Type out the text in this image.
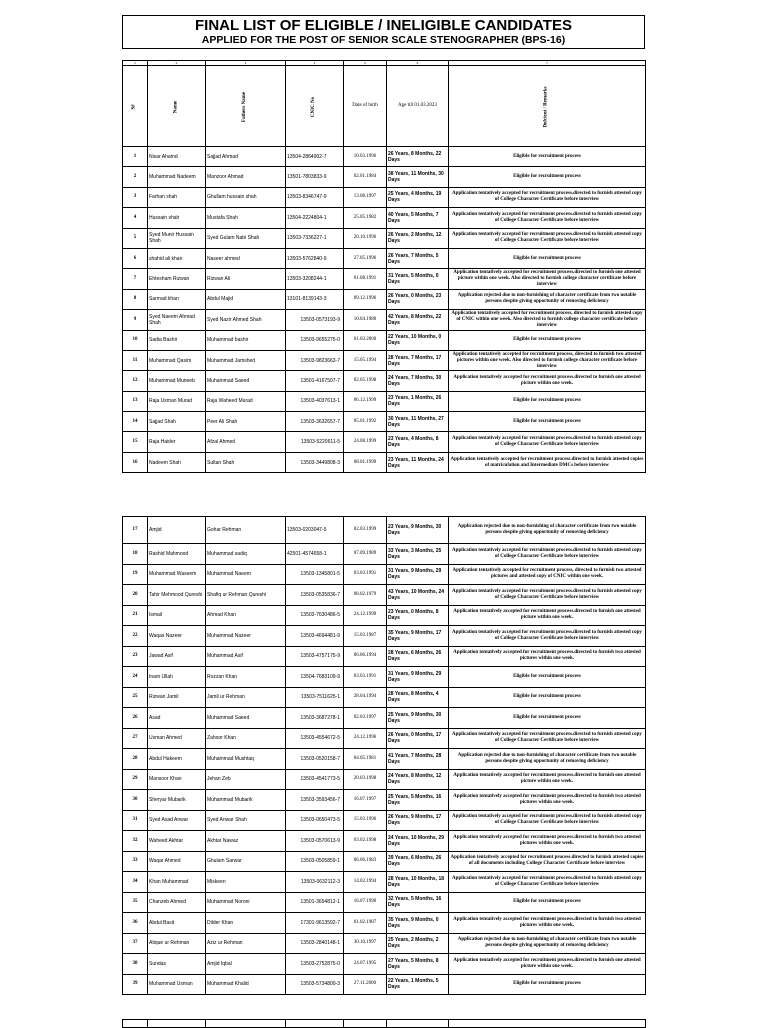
FINAL LIST OF ELIGIBLE / INELIGIBLE CANDIDATES
APPLIED FOR THE POST OF SENIOR SCALE STENOGRAPHER (BPS-16)
1	2	3	4	5	6	7
S#	Name	Fathers Name	CNIC No	Date of birth	Age till 01.03.2023	Defcient / Remarks
1	Nisar Ahamd	Sajjad Ahmad	13504-2864902-7	10.03.1996	26 Years, 8 Months, 22 Days	Eligible for recruitment process
2	Muhammad Nadeem	Manzoor Ahmad	13501-7803833-9	02.01.1984	38 Years, 11 Months, 30 Days	Eligible for recruitment process
3	Farhan shah	Ghullam hussain shah	13503-8346747-9	13.08.1997	25 Years, 4 Months, 19 Days	Application tentatively accepted for recruitment process.directed to furnish attested copy of College Character Certificate before interview
4	Hussain shah	Mustafa Shah	13504-2224804-1	25.05.1982	40 Years, 5 Months, 7 Days	Application tentatively accepted for recruitment process.directed to furnish attested copy of College Character Certificate before interview
5	Syed Munir Hussain Shah	Syed Gulam Nabi Shah	13503-7336227-1	20.10.1996	26 Years, 2 Months, 12 Days	Application tentatively accepted for recruitment process.directed to furnish attested copy of College Character Certificate before interview
6	shahid ali khan	Naseer ahmed	13503-5762840-9	27.05.1996	26 Years, 7 Months, 5 Days	Eligible for recruitment process
7	Ehtesham Rizwan	Rizwan Ali	13503-3208244-1	01.08.1991	31 Years, 5 Months, 0 Days	Application tentatively accepted for recruitment process.directed to furnish one attested picture within one week. Also directed to furnish college character certificate before interview
8	Sarmad khan	Abdul Majid	13101-8139143-3	09.12.1996	26 Years, 0 Months, 23 Days	Application rejected due to non-furnishing of character certificate from two notable persons despite giving opportunity of removing deficiency
9	Syed Naeem Ahmad Shah	Syed Nazir Ahmed Shah	13503-0573193-9	10.04.1980	42 Years, 8 Months, 22 Days	Application tentatively accepted for recruitment process, directed to furnish attested copy of CNIC within one week. Also directed to furnish college character certificate before interview
10	Sadia Bashir	Muhammad bashir	13503-9655275-0	01.03.2000	22 Years, 10 Months, 0 Days	Eligible for recruitment process
11	Muhammad Qasim	Muhammad Jamshed	13503-9823663-7	15.05.1994	28 Years, 7 Months, 17 Days	Application tentatively accepted for recruitment process, directed to furnish two attested pictures within one week. Also directed to furnish college character certificate before interview
12	Muhammad Muneeb	Muhammad Saeed	13501-4167507-7	02.05.1998	24 Years, 7 Months, 30 Days	Application tentatively accepted for recruitment process.directed to furnish one attested picture within one week.
13	Raja Usman Murad	Raja Waheed Murad	13503-4037613-1	06.12.1999	23 Years, 1 Months, 26 Days	Eligible for recruitment process
14	Sajjad Shah	Peer Ali Shah	13503-3632657-7	05.01.1992	30 Years, 11 Months, 27 Days	Eligible for recruitment process
15	Raja Haider	Afzal Ahmed	13503-5220611-5	24.08.1999	23 Years, 4 Months, 8 Days	Application tentatively accepted for recruitment process.directed to furnish attested copy of College Character Certificate before interview
16	Nadeem Shah	Sultan Shah	13503-3449808-3	08.01.1999	23 Years, 11 Months, 24 Days	Application tentatively accepted for recruitment process.directed to furnish attested copies of matriculation and Intermediate DMCs before interview
17	Amjid	Gohar Rehman	13503-0203047-5	02.03.1999	23 Years, 9 Months, 30 Days	Application rejected due to non-furnishing of character certificate from two notable persons despite giving opportunity of removing deficiency
18	Rashid Mahmood	Muhammad sadiq	42501-4574658-1	07.09.1989	33 Years, 3 Months, 25 Days	Application tentatively accepted for recruitment process.directed to furnish attested copy of College Character Certificate before interview
19	Muhammad Waseem	Muhammad Naeem	13503-1345801-5	03.03.1991	31 Years, 9 Months, 29 Days	Application tentatively accepted for recruitment process, directed to furnish two attested pictures and attested copy of CNIC within one week.
20	Tahir Mehmood Qureshi	Shafiq ur Rehman Qureshi	13503-0535836-7	08.02.1979	43 Years, 10 Months, 24 Days	Application tentatively accepted for recruitment process.directed to furnish attested copy of College Character Certificate before interview
21	Ismail	Ahmad Khan	13503-7630486-5	24.12.1999	23 Years, 0 Months, 8 Days	Application tentatively accepted for recruitment process.directed to furnish one attested picture within one week.
22	Waqas Nazeer	Muhammad Nazeer	13503-4694481-9	15.03.1987	35 Years, 9 Months, 17 Days	Application tentatively accepted for recruitment process.directed to furnish attested copy of College Character Certificate before interview
23	Jawad Asif	Muhammad Asif	13503-4757175-9	06.06.1994	28 Years, 6 Months, 26 Days	Application tentatively accepted for recruitment process.directed to furnish two attested pictures within one week.
24	Inam Ullah	Rozzan Khan	13504-7683109-9	03.03.1991	31 Years, 9 Months, 29 Days	Eligible for recruitment process
25	Rizwan Jamil	Jamil ur Rehman	13503-7511625-1	28.04.1994	28 Years, 8 Months, 4 Days	Eligible for recruitment process
26	Asad	Muhammad Saeed	13503-3687278-1	02.03.1997	25 Years, 9 Months, 30 Days	Eligible for recruitment process
27	Usman Ahmed	Zahoor Khan	13503-4554672-5	24.12.1996	26 Years, 0 Months, 17 Days	Application tentatively accepted for recruitment process.directed to furnish attested copy of College Character Certificate before interview
28	Abdul Hakeem	Muhammad Mushtaq	13503-0520158-7	04.05.1981	41 Years, 7 Months, 28 Days	Application rejected due to non-furnishing of character certificate from two notable persons despite giving opportunity of removing deficiency
29	Mansoor Khan	Jehan Zeb	13503-4541773-5	20.03.1998	24 Years, 8 Months, 12 Days	Application tentatively accepted for recruitment process.directed to furnish one attested picture within one week.
30	Sheryar Mubarik	Muhammad Mubarik	13503-3593456-7	16.07.1997	25 Years, 5 Months, 16 Days	Application tentatively accepted for recruitment process.directed to furnish two attested pictures within one week.
31	Syed Asad Anwar	Syed Anwar Shah	13503-0650473-5	15.03.1996	26 Years, 9 Months, 17 Days	Application tentatively accepted for recruitment process.directed to furnish attested copy of College Character Certificate before interview
32	Waheed Akhtar	Akhtar Nawaz	13503-0570613-9	03.02.1998	24 Years, 10 Months, 29 Days	Application tentatively accepted for recruitment process.directed to furnish two attested pictures within one week.
33	Waqar Ahmed	Ghulam Sarwar	13503-0505859-1	06.06.1983	39 Years, 6 Months, 26 Days	Application tentatively accepted for recruitment process.directed to furnish attested copies of all documents including College Character Certificate before interview
34	Khan Muhammad	Miskeen	13503-0632112-3	14.02.1994	28 Years, 10 Months, 18 Days	Application tentatively accepted for recruitment process.directed to furnish attested copy of College Character Certificate before interview
35	Chanzeb Ahmed	Muhammad Noroni	13501-3654812-1	16.07.1990	32 Years, 5 Months, 16 Days	Eligible for recruitment process
36	Abdul Basit	Dilder Khan	17301-9613592-7	01.02.1987	35 Years, 9 Months, 0 Days	Application tentatively accepted for recruitment process.directed to furnish two attested pictures within one week.
37	Atique ur Rehman	Aziz ur Rehman	13503-2840148-1	30.10.1997	25 Years, 2 Months, 2 Days	Application rejected due to non-furnishing of character certificate from two notable persons despite giving opportunity of removing deficiency
38	Sundas	Amjid Iqbal	13503-2752875-0	24.07.1995	27 Years, 5 Months, 8 Days	Application tentatively accepted for recruitment process.directed to furnish one attested picture within one week.
39	Muhammad Usman	Muhammad Khalid	13503-5734800-3	27.11.2000	22 Years, 1 Months, 5 Days	Eligible for recruitment process
